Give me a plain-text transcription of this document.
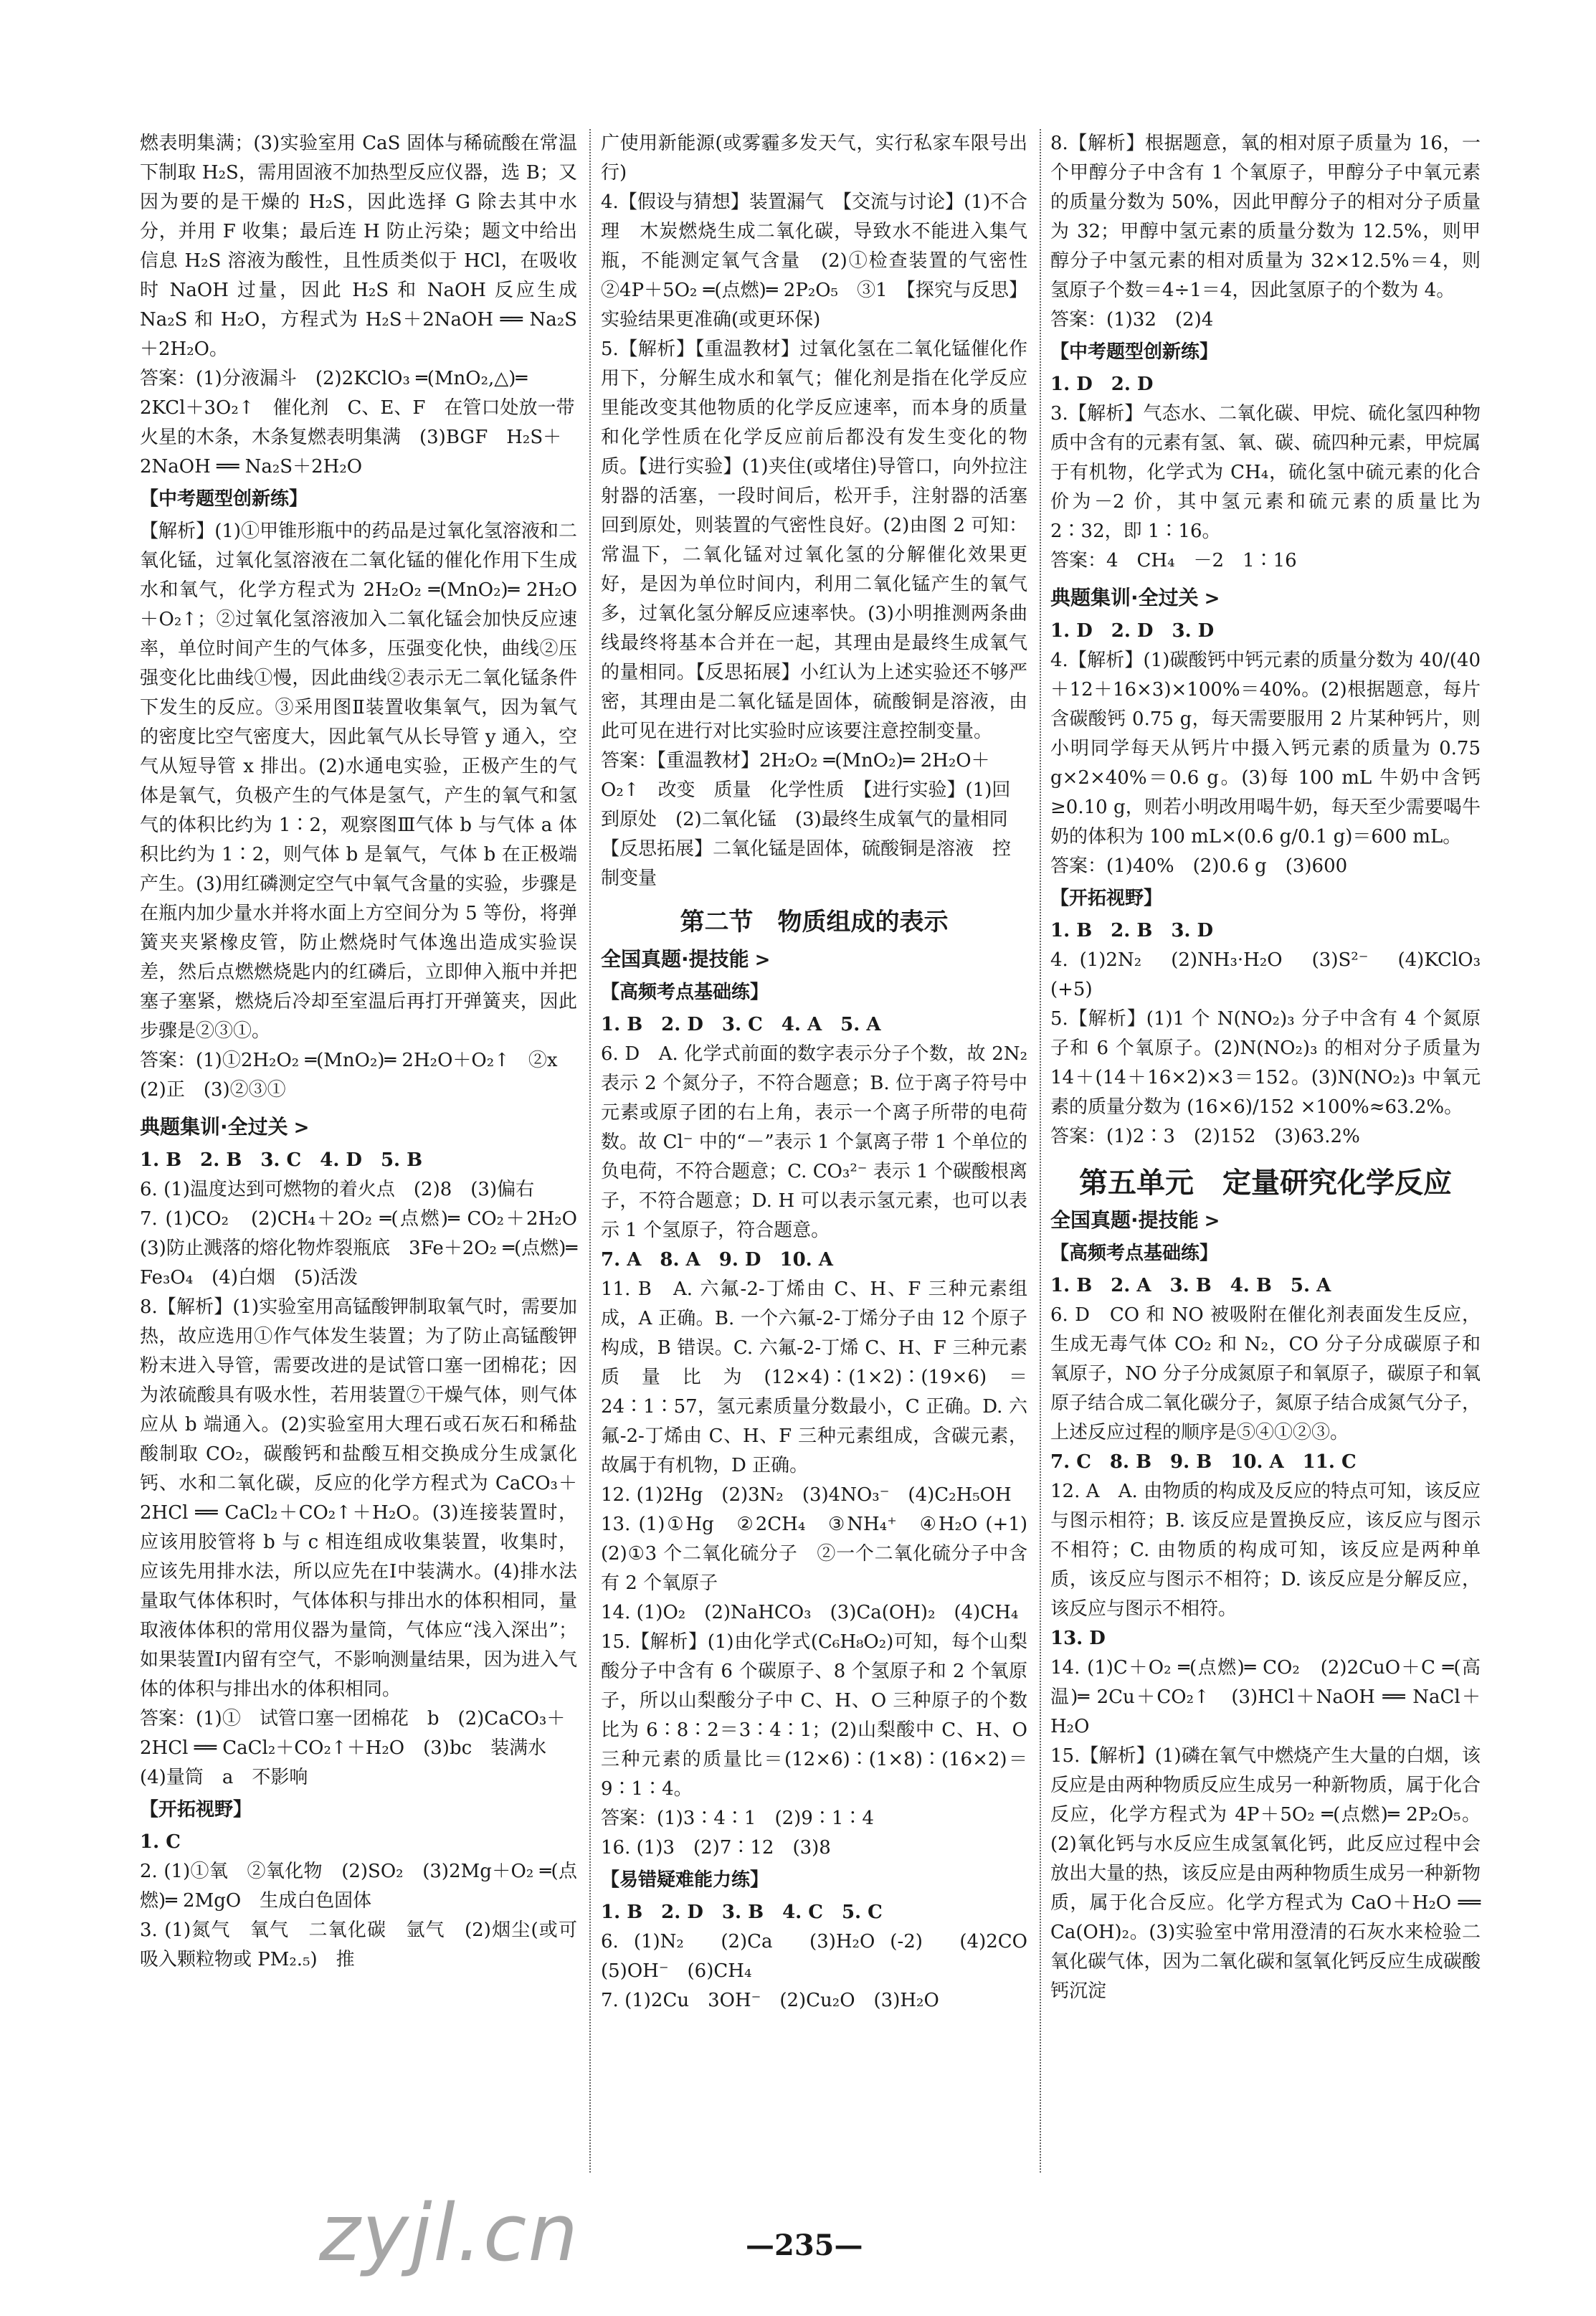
燃表明集满；(3)实验室用 CaS 固体与稀硫酸在常温下制取 H₂S，需用固液不加热型反应仪器，选 B；又因为要的是干燥的 H₂S，因此选择 G 除去其中水分，并用 F 收集；最后连 H 防止污染；题文中给出信息 H₂S 溶液为酸性，且性质类似于 HCl，在吸收时 NaOH 过量，因此 H₂S 和 NaOH 反应生成 Na₂S 和 H₂O，方程式为 H₂S＋2NaOH ══ Na₂S＋2H₂O。

答案：(1)分液漏斗　(2)2KClO₃ ═(MnO₂,△)═ 2KCl＋3O₂↑　催化剂　C、E、F　在管口处放一带火星的木条，木条复燃表明集满　(3)BGF　H₂S＋2NaOH ══ Na₂S＋2H₂O

【中考题型创新练】

【解析】(1)①甲锥形瓶中的药品是过氧化氢溶液和二氧化锰，过氧化氢溶液在二氧化锰的催化作用下生成水和氧气，化学方程式为 2H₂O₂ ═(MnO₂)═ 2H₂O＋O₂↑；②过氧化氢溶液加入二氧化锰会加快反应速率，单位时间产生的气体多，压强变化快，曲线②压强变化比曲线①慢，因此曲线②表示无二氧化锰条件下发生的反应。③采用图Ⅱ装置收集氧气，因为氧气的密度比空气密度大，因此氧气从长导管 y 通入，空气从短导管 x 排出。(2)水通电实验，正极产生的气体是氧气，负极产生的气体是氢气，产生的氧气和氢气的体积比约为 1∶2，观察图Ⅲ气体 b 与气体 a 体积比约为 1∶2，则气体 b 是氧气，气体 b 在正极端产生。(3)用红磷测定空气中氧气含量的实验，步骤是在瓶内加少量水并将水面上方空间分为 5 等份，将弹簧夹夹紧橡皮管，防止燃烧时气体逸出造成实验误差，然后点燃燃烧匙内的红磷后，立即伸入瓶中并把塞子塞紧，燃烧后冷却至室温后再打开弹簧夹，因此步骤是②③①。

答案：(1)①2H₂O₂ ═(MnO₂)═ 2H₂O＋O₂↑　②x　(2)正　(3)②③①

典题集训·全过关 >

1. B　2. B　3. C　4. D　5. B

6. (1)温度达到可燃物的着火点　(2)8　(3)偏右

7. (1)CO₂　(2)CH₄＋2O₂ ═(点燃)═ CO₂＋2H₂O　(3)防止溅落的熔化物炸裂瓶底　3Fe＋2O₂ ═(点燃)═ Fe₃O₄　(4)白烟　(5)活泼

8.【解析】(1)实验室用高锰酸钾制取氧气时，需要加热，故应选用①作气体发生装置；为了防止高锰酸钾粉末进入导管，需要改进的是试管口塞一团棉花；因为浓硫酸具有吸水性，若用装置⑦干燥气体，则气体应从 b 端通入。(2)实验室用大理石或石灰石和稀盐酸制取 CO₂，碳酸钙和盐酸互相交换成分生成氯化钙、水和二氧化碳，反应的化学方程式为 CaCO₃＋2HCl ══ CaCl₂＋CO₂↑＋H₂O。(3)连接装置时，应该用胶管将 b 与 c 相连组成收集装置，收集时，应该先用排水法，所以应先在Ⅰ中装满水。(4)排水法量取气体体积时，气体体积与排出水的体积相同，量取液体体积的常用仪器为量筒，气体应“浅入深出”；如果装置Ⅰ内留有空气，不影响测量结果，因为进入气体的体积与排出水的体积相同。

答案：(1)①　试管口塞一团棉花　b　(2)CaCO₃＋2HCl ══ CaCl₂＋CO₂↑＋H₂O　(3)bc　装满水　(4)量筒　a　不影响

【开拓视野】

1. C

2. (1)①氧　②氧化物　(2)SO₂　(3)2Mg＋O₂ ═(点燃)═ 2MgO　生成白色固体

3. (1)氮气　氧气　二氧化碳　氩气　(2)烟尘(或可吸入颗粒物或 PM₂.₅)　推

广使用新能源(或雾霾多发天气，实行私家车限号出行)

4.【假设与猜想】装置漏气　【交流与讨论】(1)不合理　木炭燃烧生成二氧化碳，导致水不能进入集气瓶，不能测定氧气含量　(2)①检查装置的气密性　②4P＋5O₂ ═(点燃)═ 2P₂O₅　③1　【探究与反思】实验结果更准确(或更环保)

5.【解析】【重温教材】过氧化氢在二氧化锰催化作用下，分解生成水和氧气；催化剂是指在化学反应里能改变其他物质的化学反应速率，而本身的质量和化学性质在化学反应前后都没有发生变化的物质。【进行实验】(1)夹住(或堵住)导管口，向外拉注射器的活塞，一段时间后，松开手，注射器的活塞回到原处，则装置的气密性良好。(2)由图 2 可知：常温下，二氧化锰对过氧化氢的分解催化效果更好，是因为单位时间内，利用二氧化锰产生的氧气多，过氧化氢分解反应速率快。(3)小明推测两条曲线最终将基本合并在一起，其理由是最终生成氧气的量相同。【反思拓展】小红认为上述实验还不够严密，其理由是二氧化锰是固体，硫酸铜是溶液，由此可见在进行对比实验时应该要注意控制变量。

答案：【重温教材】2H₂O₂ ═(MnO₂)═ 2H₂O＋O₂↑　改变　质量　化学性质　【进行实验】(1)回到原处　(2)二氧化锰　(3)最终生成氧气的量相同　【反思拓展】二氧化锰是固体，硫酸铜是溶液　控制变量

第二节　物质组成的表示

全国真题·提技能 >

【高频考点基础练】

1. B　2. D　3. C　4. A　5. A

6. D　A. 化学式前面的数字表示分子个数，故 2N₂ 表示 2 个氮分子，不符合题意；B. 位于离子符号中元素或原子团的右上角，表示一个离子所带的电荷数。故 Cl⁻ 中的“－”表示 1 个氯离子带 1 个单位的负电荷，不符合题意；C. CO₃²⁻ 表示 1 个碳酸根离子，不符合题意；D. H 可以表示氢元素，也可以表示 1 个氢原子，符合题意。

7. A　8. A　9. D　10. A

11. B　A. 六氟-2-丁烯由 C、H、F 三种元素组成，A 正确。B. 一个六氟-2-丁烯分子由 12 个原子构成，B 错误。C. 六氟-2-丁烯 C、H、F 三种元素质量比为(12×4)∶(1×2)∶(19×6)＝24∶1∶57，氢元素质量分数最小，C 正确。D. 六氟-2-丁烯由 C、H、F 三种元素组成，含碳元素，故属于有机物，D 正确。

12. (1)2Hg　(2)3N₂　(3)4NO₃⁻　(4)C₂H₅OH

13. (1)①Hg　②2CH₄　③NH₄⁺　④H₂O (+1)　(2)①3 个二氧化硫分子　②一个二氧化硫分子中含有 2 个氧原子

14. (1)O₂　(2)NaHCO₃　(3)Ca(OH)₂　(4)CH₄

15.【解析】(1)由化学式(C₆H₈O₂)可知，每个山梨酸分子中含有 6 个碳原子、8 个氢原子和 2 个氧原子，所以山梨酸分子中 C、H、O 三种原子的个数比为 6∶8∶2＝3∶4∶1；(2)山梨酸中 C、H、O 三种元素的质量比＝(12×6)∶(1×8)∶(16×2)＝9∶1∶4。

答案：(1)3∶4∶1　(2)9∶1∶4

16. (1)3　(2)7∶12　(3)8

【易错疑难能力练】

1. B　2. D　3. B　4. C　5. C

6. (1)N₂　(2)Ca　(3)H₂O (-2)　(4)2CO　(5)OH⁻　(6)CH₄

7. (1)2Cu　3OH⁻　(2)Cu₂O　(3)H₂O

8.【解析】根据题意，氧的相对原子质量为 16，一个甲醇分子中含有 1 个氧原子，甲醇分子中氧元素的质量分数为 50%，因此甲醇分子的相对分子质量为 32；甲醇中氢元素的质量分数为 12.5%，则甲醇分子中氢元素的相对质量为 32×12.5%＝4，则氢原子个数＝4÷1＝4，因此氢原子的个数为 4。

答案：(1)32　(2)4

【中考题型创新练】

1. D　2. D

3.【解析】气态水、二氧化碳、甲烷、硫化氢四种物质中含有的元素有氢、氧、碳、硫四种元素，甲烷属于有机物，化学式为 CH₄，硫化氢中硫元素的化合价为－2 价，其中氢元素和硫元素的质量比为 2∶32，即 1∶16。

答案：4　CH₄　－2　1∶16

典题集训·全过关 >

1. D　2. D　3. D

4.【解析】(1)碳酸钙中钙元素的质量分数为 40/(40＋12＋16×3)×100%＝40%。(2)根据题意，每片含碳酸钙 0.75 g，每天需要服用 2 片某种钙片，则小明同学每天从钙片中摄入钙元素的质量为 0.75 g×2×40%＝0.6 g。(3)每 100 mL 牛奶中含钙≥0.10 g，则若小明改用喝牛奶，每天至少需要喝牛奶的体积为 100 mL×(0.6 g/0.1 g)＝600 mL。

答案：(1)40%　(2)0.6 g　(3)600

【开拓视野】

1. B　2. B　3. D

4. (1)2N₂　(2)NH₃·H₂O　(3)S²⁻　(4)KClO₃ (+5)

5.【解析】(1)1 个 N(NO₂)₃ 分子中含有 4 个氮原子和 6 个氧原子。(2)N(NO₂)₃ 的相对分子质量为 14＋(14＋16×2)×3＝152。(3)N(NO₂)₃ 中氧元素的质量分数为 (16×6)/152 ×100%≈63.2%。

答案：(1)2∶3　(2)152　(3)63.2%

第五单元　定量研究化学反应

全国真题·提技能 >

【高频考点基础练】

1. B　2. A　3. B　4. B　5. A

6. D　CO 和 NO 被吸附在催化剂表面发生反应，生成无毒气体 CO₂ 和 N₂，CO 分子分成碳原子和氧原子，NO 分子分成氮原子和氧原子，碳原子和氧原子结合成二氧化碳分子，氮原子结合成氮气分子，上述反应过程的顺序是⑤④①②③。

7. C　8. B　9. B　10. A　11. C

12. A　A. 由物质的构成及反应的特点可知，该反应与图示相符；B. 该反应是置换反应，该反应与图示不相符；C. 由物质的构成可知，该反应是两种单质，该反应与图示不相符；D. 该反应是分解反应，该反应与图示不相符。

13. D

14. (1)C＋O₂ ═(点燃)═ CO₂　(2)2CuO＋C ═(高温)═ 2Cu＋CO₂↑　(3)HCl＋NaOH ══ NaCl＋H₂O

15.【解析】(1)磷在氧气中燃烧产生大量的白烟，该反应是由两种物质反应生成另一种新物质，属于化合反应，化学方程式为 4P＋5O₂ ═(点燃)═ 2P₂O₅。(2)氧化钙与水反应生成氢氧化钙，此反应过程中会放出大量的热，该反应是由两种物质生成另一种新物质，属于化合反应。化学方程式为 CaO＋H₂O ══ Ca(OH)₂。(3)实验室中常用澄清的石灰水来检验二氧化碳气体，因为二氧化碳和氢氧化钙反应生成碳酸钙沉淀

zyjl.cn	—235—
